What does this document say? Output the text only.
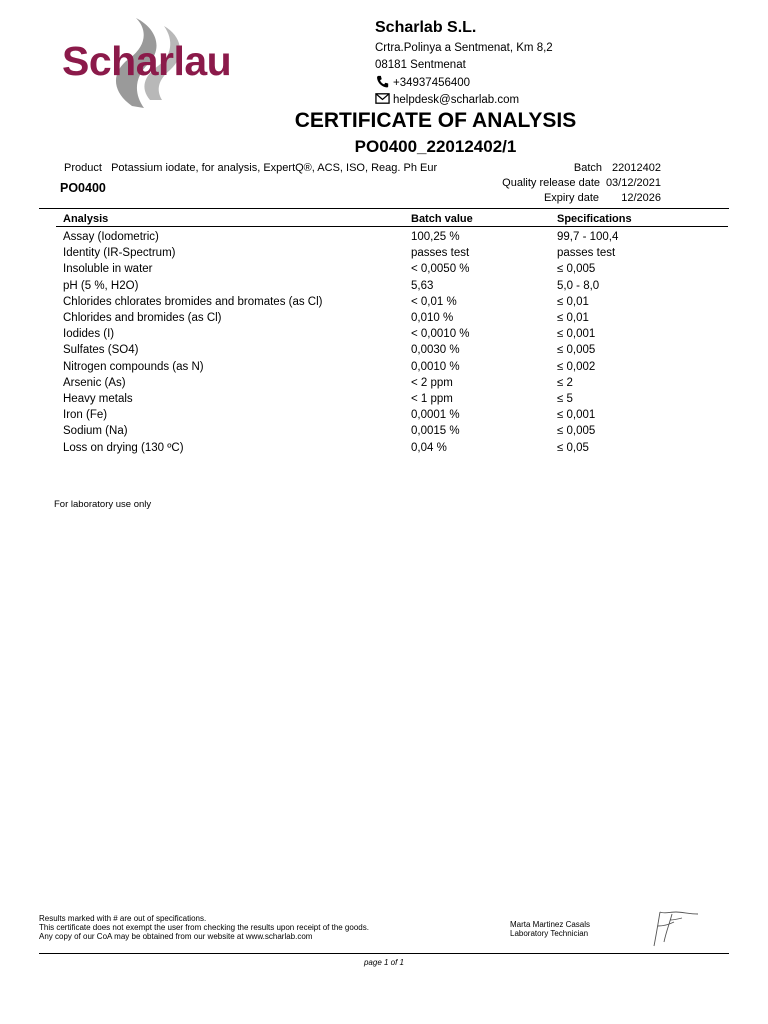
Scharlau
Scharlab S.L.
Crtra.Polinya a Sentmenat, Km 8,2
08181 Sentmenat
+34937456400
helpdesk@scharlab.com
CERTIFICATE OF ANALYSIS
PO0400_22012402/1
Product Potassium iodate, for analysis, ExpertQ®, ACS, ISO, Reag. Ph Eur
PO0400
Batch 22012402
Quality release date 03/12/2021
Expiry date 12/2026
Analysis	Batch value	Specifications
Assay (Iodometric)	100,25 %	99,7 - 100,4
Identity (IR-Spectrum)	passes test	passes test
Insoluble in water	< 0,0050 %	≤ 0,005
pH (5 %, H2O)	5,63	5,0 - 8,0
Chlorides chlorates bromides and bromates (as Cl)	< 0,01 %	≤ 0,01
Chlorides and bromides (as Cl)	0,010 %	≤ 0,01
Iodides (I)	< 0,0010 %	≤ 0,001
Sulfates (SO4)	0,0030 %	≤ 0,005
Nitrogen compounds (as N)	0,0010 %	≤ 0,002
Arsenic (As)	< 2 ppm	≤ 2
Heavy metals	< 1 ppm	≤ 5
Iron (Fe)	0,0001 %	≤ 0,001
Sodium (Na)	0,0015 %	≤ 0,005
Loss on drying (130 ºC)	0,04 %	≤ 0,05
For laboratory use only
Results marked with # are out of specifications.
This certificate does not exempt the user from checking the results upon receipt of the goods.
Any copy of our CoA may be obtained from our website at www.scharlab.com
Marta Martinez Casals
Laboratory Technician
page 1 of 1
